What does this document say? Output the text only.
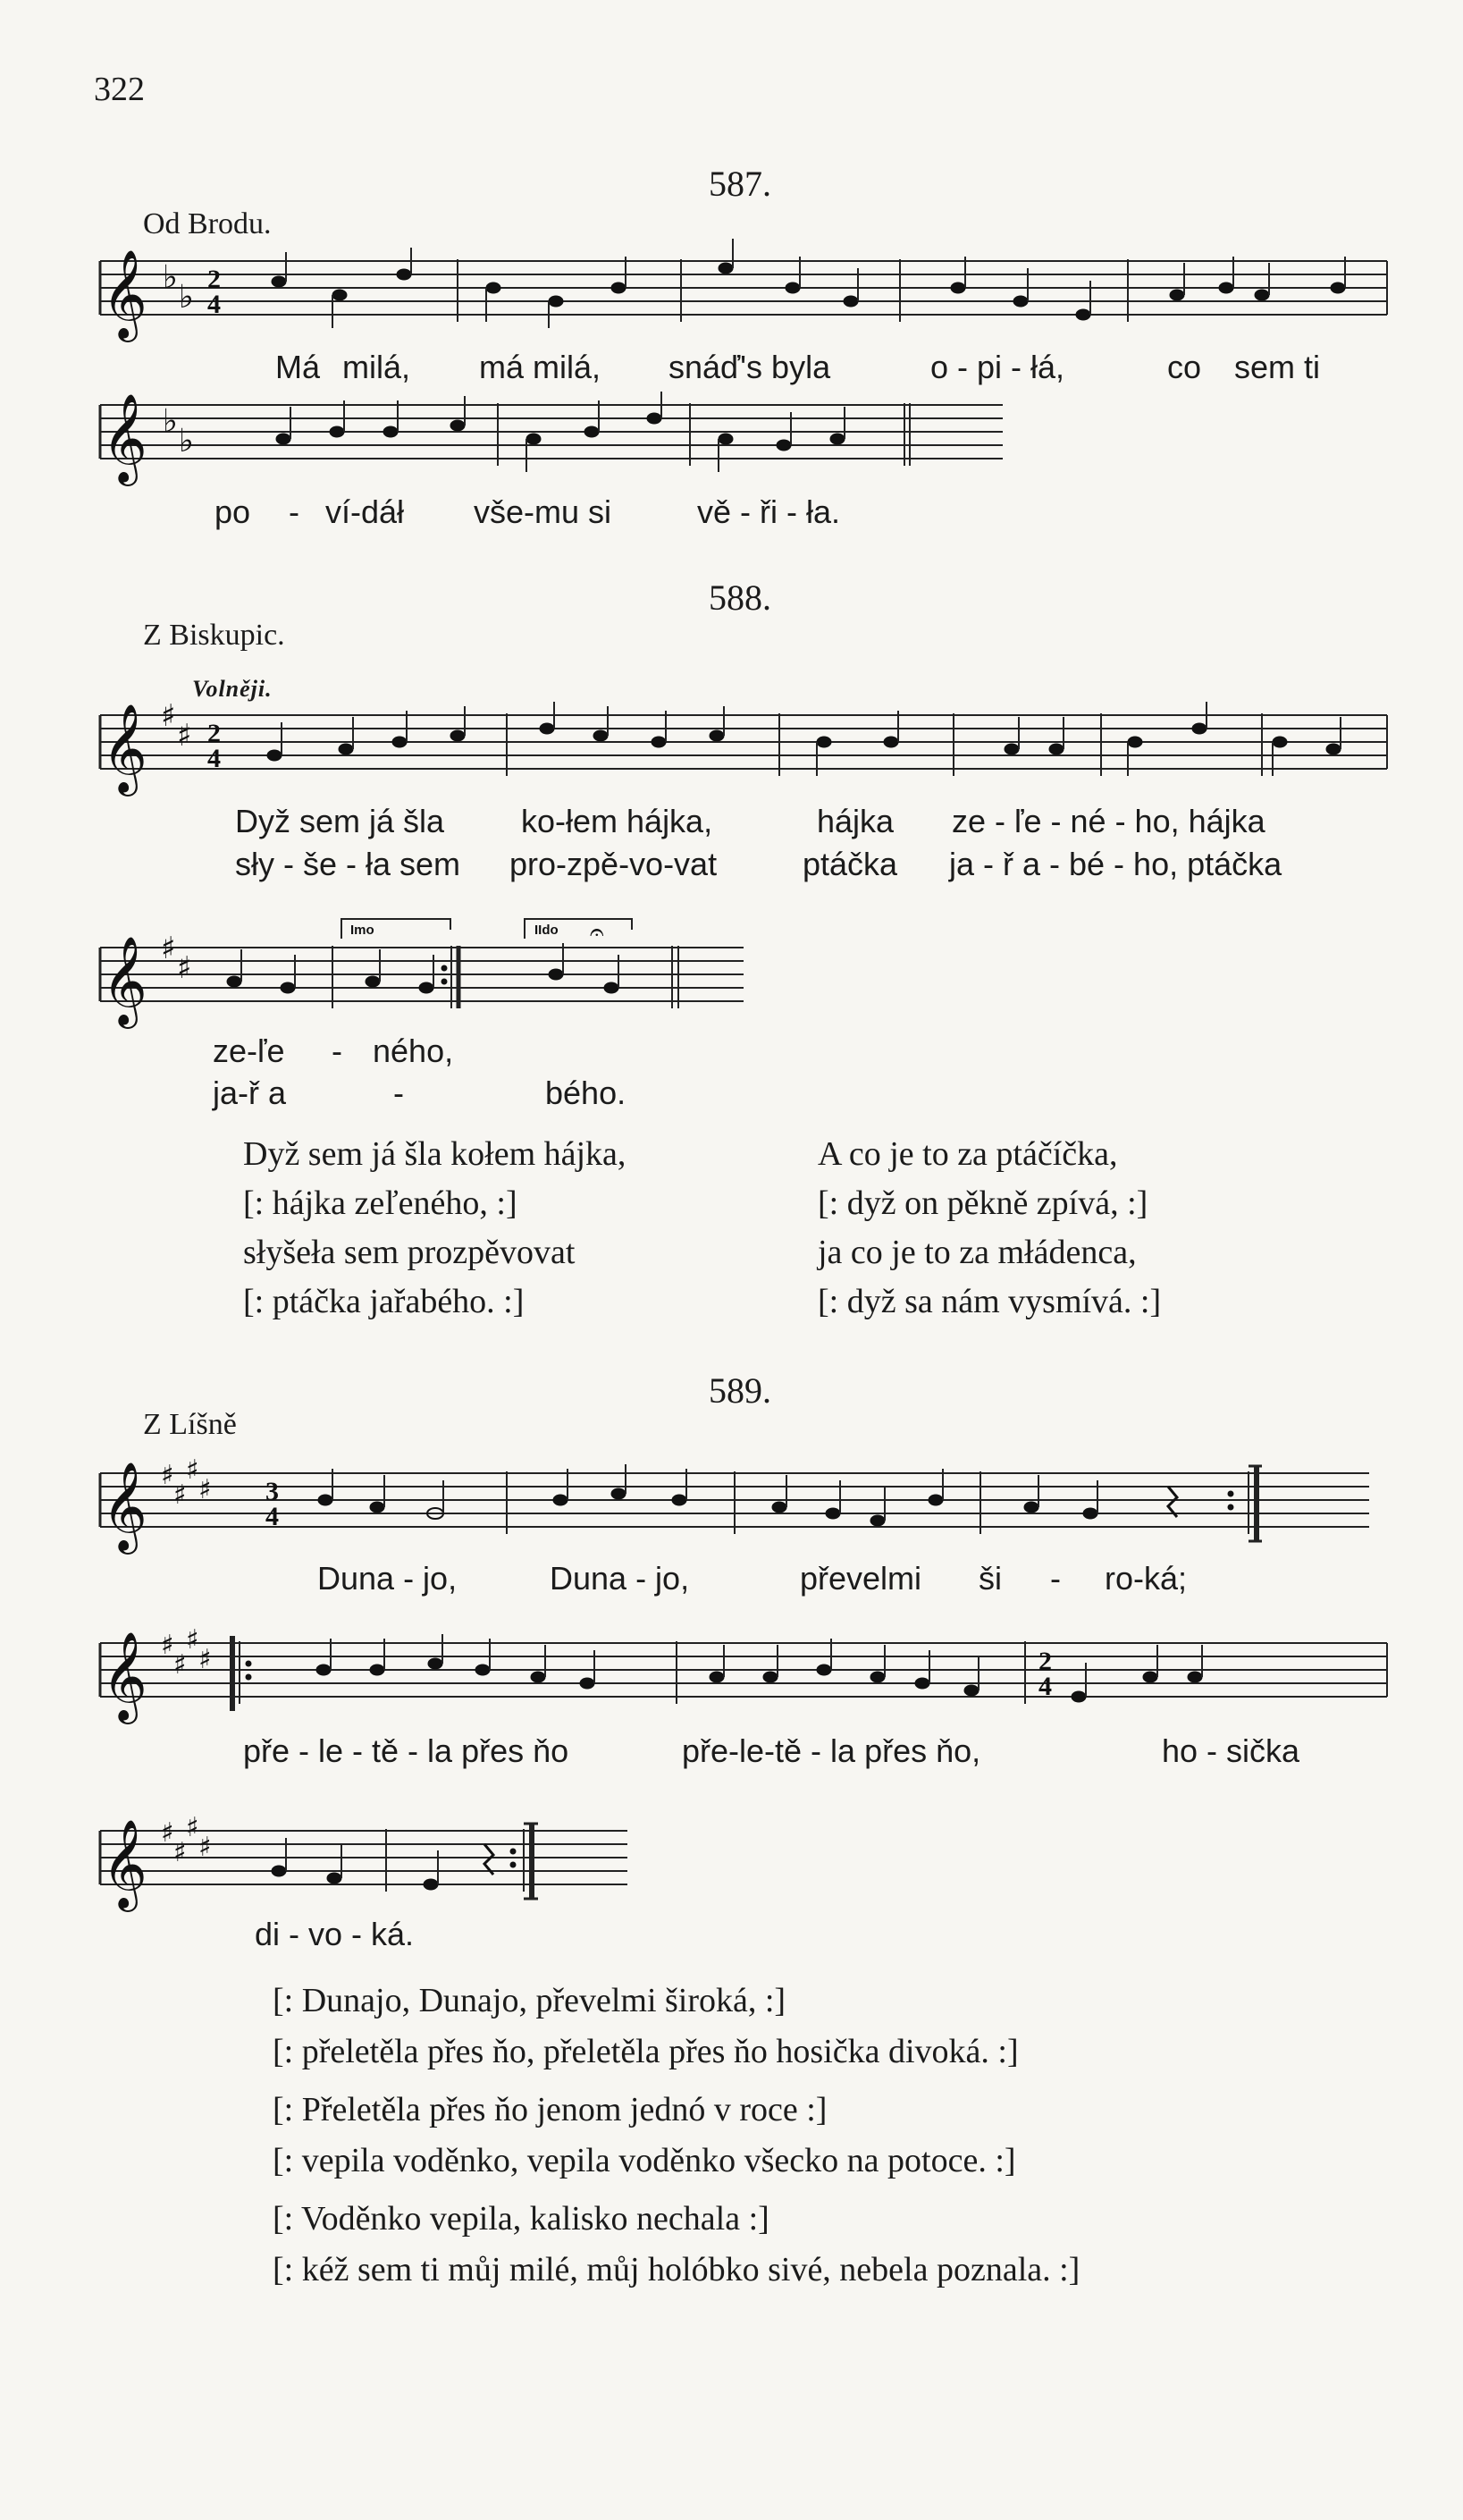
322
587.
Od Brodu.
𝄞 ♭
♭ 2
4
Má milá, má milá, snáď's byla	o - pi - łá,	co sem ti
𝄞 ♭
♭
po - ví-dáł vše-mu si	vě - ři - ła.
588.
Z Biskupic.
Volněji.
𝄞 ♯
♯ 2
4
Dyž sem já šla ko-łem hájka,	hájka ze - ľe - né - ho, hájka
sły - še - ła sem pro-zpě-vo-vat	ptáčka ja - ř a - bé - ho, ptáčka
Imo	IIdo 𝄐
𝄞 ♯
♯
ze-ľe - ného,
ja-ř a	-	bého.
Dyž sem já šla kołem hájka,
[: hájka zeľeného, :]
słyšeła sem prozpěvovat
[: ptáčka jařabého. :]
A co je to za ptáčíčka,
[: dyž on pěkně zpívá, :]
ja co je to za młádenca,
[: dyž sa nám vysmívá. :]
589.
Z Líšně
𝄞 ♯
♯
♯
♯ 3
4
Duna - jo,	Duna - jo,	převelmi ši - ro-ká;
𝄞 ♯
♯
♯
♯	2
4
pře - le - tě - la přes ňo	pře-le-tě - la přes ňo,	ho - sička
𝄞 ♯
♯
♯
♯
di - vo - ká.
[: Dunajo, Dunajo, převelmi široká, :]
[: přeletěla přes ňo, přeletěla přes ňo hosička divoká. :]
[: Přeletěla přes ňo jenom jednó v roce :]
[: vepila voděnko, vepila voděnko všecko na potoce. :]
[: Voděnko vepila, kalisko nechala :]
[: kéž sem ti můj milé, můj holóbko sivé, nebela poznala. :]
